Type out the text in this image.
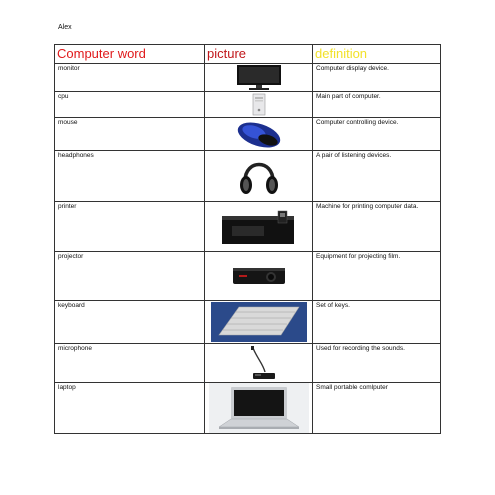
Alex
Computer word	picture	definition
monitor		Computer display device.
cpu		Main part of computer.
mouse		Computer controlling device.
headphones		A pair of listening devices.
printer		Machine for printing computer data.
projector		Equipment for projecting film.
keyboard		Set of keys.
microphone		Used for recording the sounds.
laptop		Small portable comlputer
